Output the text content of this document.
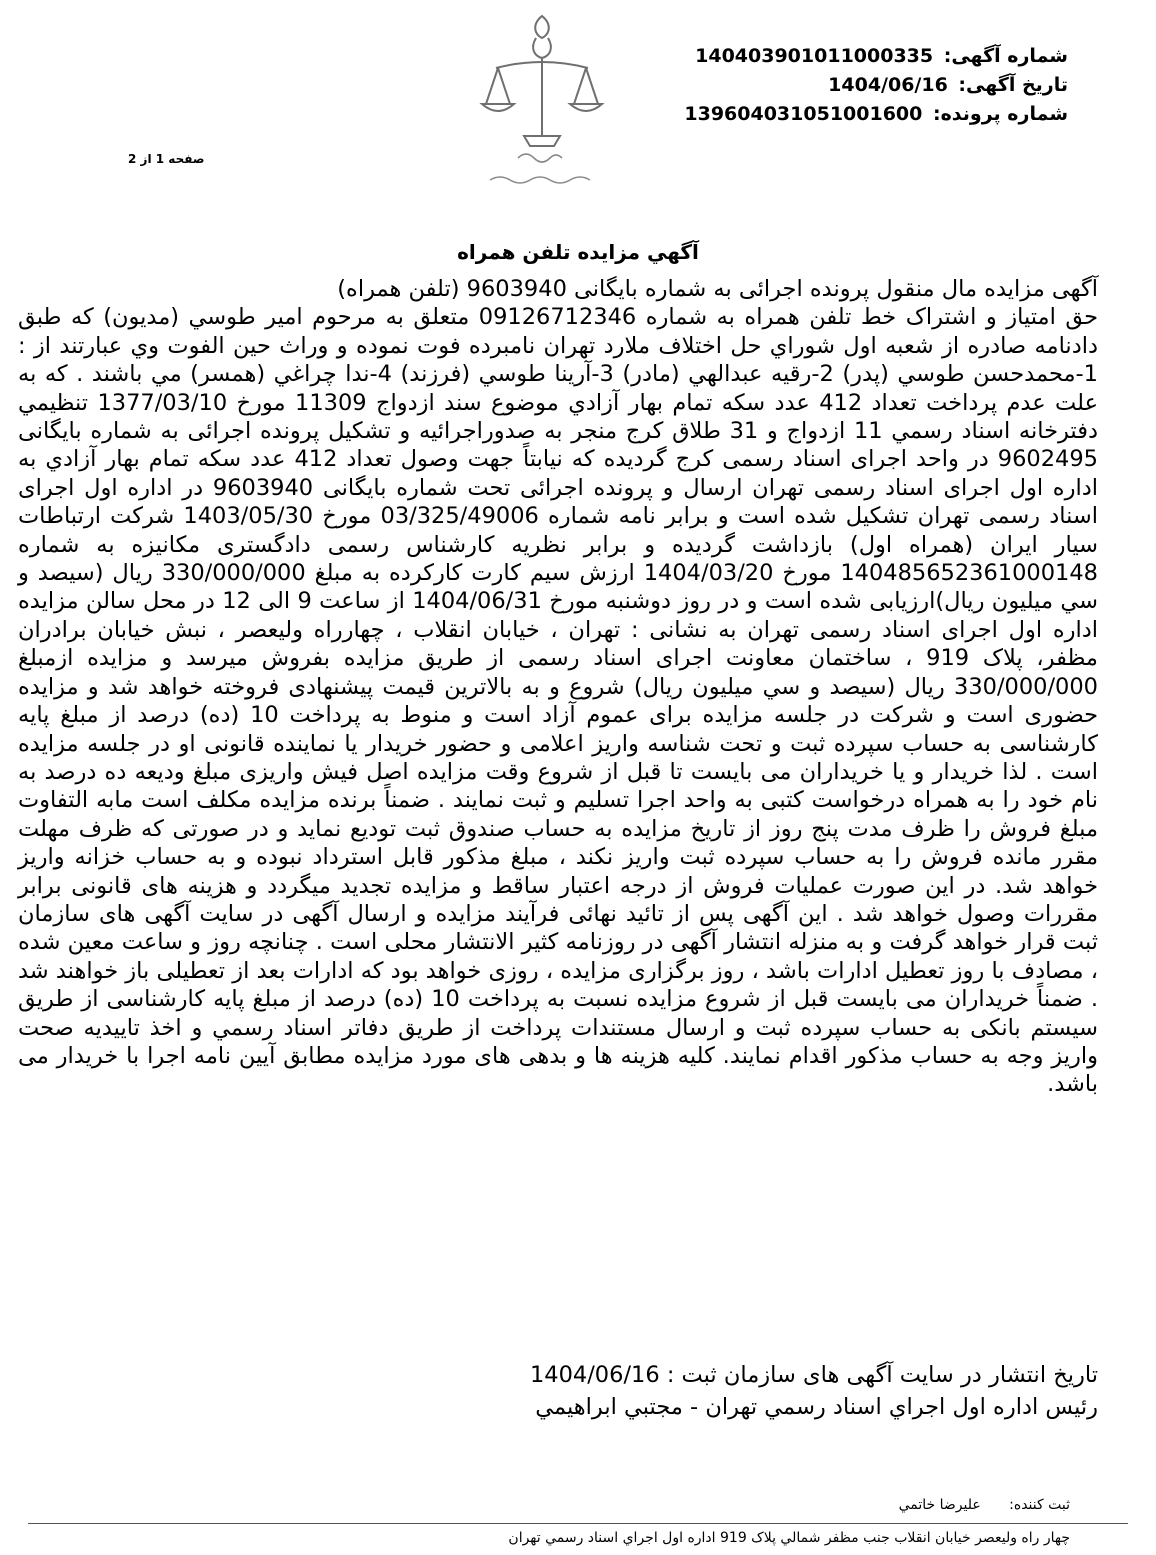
شماره آگهی: 14040390101100​0335
تاریخ آگهی: 1404/06/16
شماره پرونده: 13960403105100​1600
صفحه 1 از 2
آگهي مزايده تلفن همراه

آگهی مزایده مال منقول پرونده اجرائی به شماره بایگانی 9603940 (تلفن همراه)

حق امتياز و اشتراک خط تلفن همراه به شماره 09126712346 متعلق به مرحوم امير طوسي (مديون) كه طبق دادنامه صادره از شعبه اول شوراي حل اختلاف ملارد تهران نامبرده فوت نموده و وراث حين الفوت وي عبارتند از : 1-محمدحسن طوسي (پدر) 2-رقيه عبدالهي (مادر) 3-آرينا طوسي (فرزند) 4-ندا چراغي (همسر) مي باشند . که به علت عدم پرداخت تعداد 412 عدد سکه تمام بهار آزادي موضوع سند ازدواج 11309 مورخ 1377/03/10 تنظيمي دفترخانه اسناد رسمي 11 ازدواج و 31 طلاق کرج منجر به صدوراجرائیه و تشکیل پرونده اجرائی به شماره بایگانی 9602495 در واحد اجرای اسناد رسمی کرج گرديده که نيابتاً جهت وصول تعداد 412 عدد سکه تمام بهار آزادي به اداره اول اجرای اسناد رسمی تهران ارسال و پرونده اجرائی تحت شماره بایگانی 9603940 در اداره اول اجرای اسناد رسمی تهران تشکیل شده است و برابر نامه شماره 03/325/49006 مورخ 1403/05/30 شرکت ارتباطات سيار ايران (همراه اول) بازداشت گرديده و برابر نظريه کارشناس رسمی دادگستری مکانيزه به شماره 140485652361000148 مورخ 1404/03/20 ارزش سیم کارت کارکرده به مبلغ 330/000/000 ريال (سيصد و سي ميليون ريال)ارزيابی شده است و در روز دوشنبه مورخ 1404/06/31 از ساعت 9 الی 12 در محل سالن مزايده اداره اول اجرای اسناد رسمی تهران به نشانی : تهران ، خيابان انقلاب ، چهارراه وليعصر ، نبش خيابان برادران مظفر، پلاک 919 ، ساختمان معاونت اجرای اسناد رسمی از طريق مزايده بفروش ميرسد و مزايده ازمبلغ 330/000/000 ريال (سيصد و سي ميليون ريال) شروع و به بالاترين قيمت پيشنهادی فروخته خواهد شد و مزايده حضوری است و شرکت در جلسه مزايده برای عموم آزاد است و منوط به پرداخت 10 (ده) درصد از مبلغ پايه کارشناسی به حساب سپرده ثبت و تحت شناسه واريز اعلامی و حضور خريدار يا نماينده قانونی او در جلسه مزايده است . لذا خريدار و يا خريداران می بايست تا قبل از شروع وقت مزايده اصل فيش واريزی مبلغ وديعه ده درصد به نام خود را به همراه درخواست کتبی به واحد اجرا تسليم و ثبت نمايند . ضمناً برنده مزايده مکلف است مابه التفاوت مبلغ فروش را ظرف مدت پنج روز از تاريخ مزايده به حساب صندوق ثبت توديع نمايد و در صورتی که ظرف مهلت مقرر مانده فروش را به حساب سپرده ثبت واريز نکند ، مبلغ مذکور قابل استرداد نبوده و به حساب خزانه واريز خواهد شد. در اين صورت عمليات فروش از درجه اعتبار ساقط و مزايده تجديد ميگردد و هزينه های قانونی برابر مقررات وصول خواهد شد . اين آگهی پس از تائيد نهائی فرآيند مزايده و ارسال آگهی در سايت آگهی های سازمان ثبت قرار خواهد گرفت و به منزله انتشار آگهی در روزنامه کثير الانتشار محلی است . چنانچه روز و ساعت معين شده ، مصادف با روز تعطيل ادارات باشد ، روز برگزاری مزايده ، روزی خواهد بود که ادارات بعد از تعطيلی باز خواهند شد . ضمناً خريداران می بايست قبل از شروع مزايده نسبت به پرداخت 10 (ده) درصد از مبلغ پايه کارشناسی از طريق سيستم بانکی به حساب سپرده ثبت و ارسال مستندات پرداخت از طريق دفاتر اسناد رسمي و اخذ تاييديه صحت واريز وجه به حساب مذکور اقدام نمايند. کليه هزينه ها و بدهی های مورد مزايده مطابق آيين نامه اجرا با خريدار می باشد.

تاريخ انتشار در سايت آگهی های سازمان ثبت : 1404/06/16
رئيس اداره اول اجراي اسناد رسمي تهران - مجتبي ابراهيمي
ثبت کننده: عليرضا خاتمي
چهار راه وليعصر خيابان انقلاب جنب مظفر شمالي پلاک 919 اداره اول اجراي اسناد رسمي تهران
